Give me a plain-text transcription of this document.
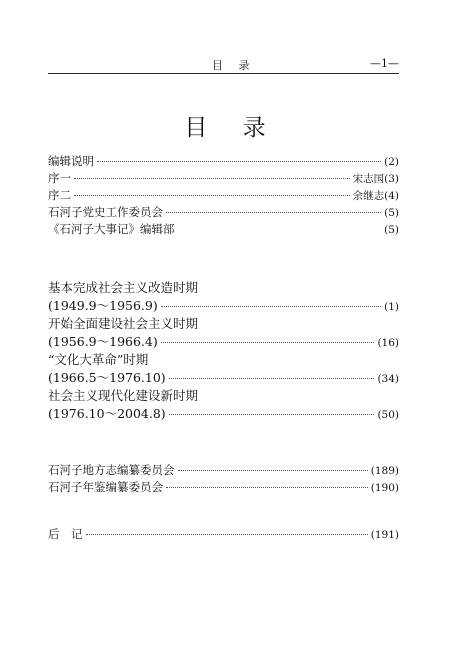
目 录	—1—
目 录
编辑说明	(2)
序一	宋志国 (3)
序二	余继志 (4)
石河子党史工作委员会	(5)
《石河子大事记》编辑部	(5)
基本完成社会主义改造时期
(1949.9～1956.9)	(1)
开始全面建设社会主义时期
(1956.9～1966.4)	(16)
“文化大革命”时期
(1966.5～1976.10)	(34)
社会主义现代化建设新时期
(1976.10～2004.8)	(50)
石河子地方志编纂委员会	(189)
石河子年鉴编纂委员会	(190)
后　记	(191)
